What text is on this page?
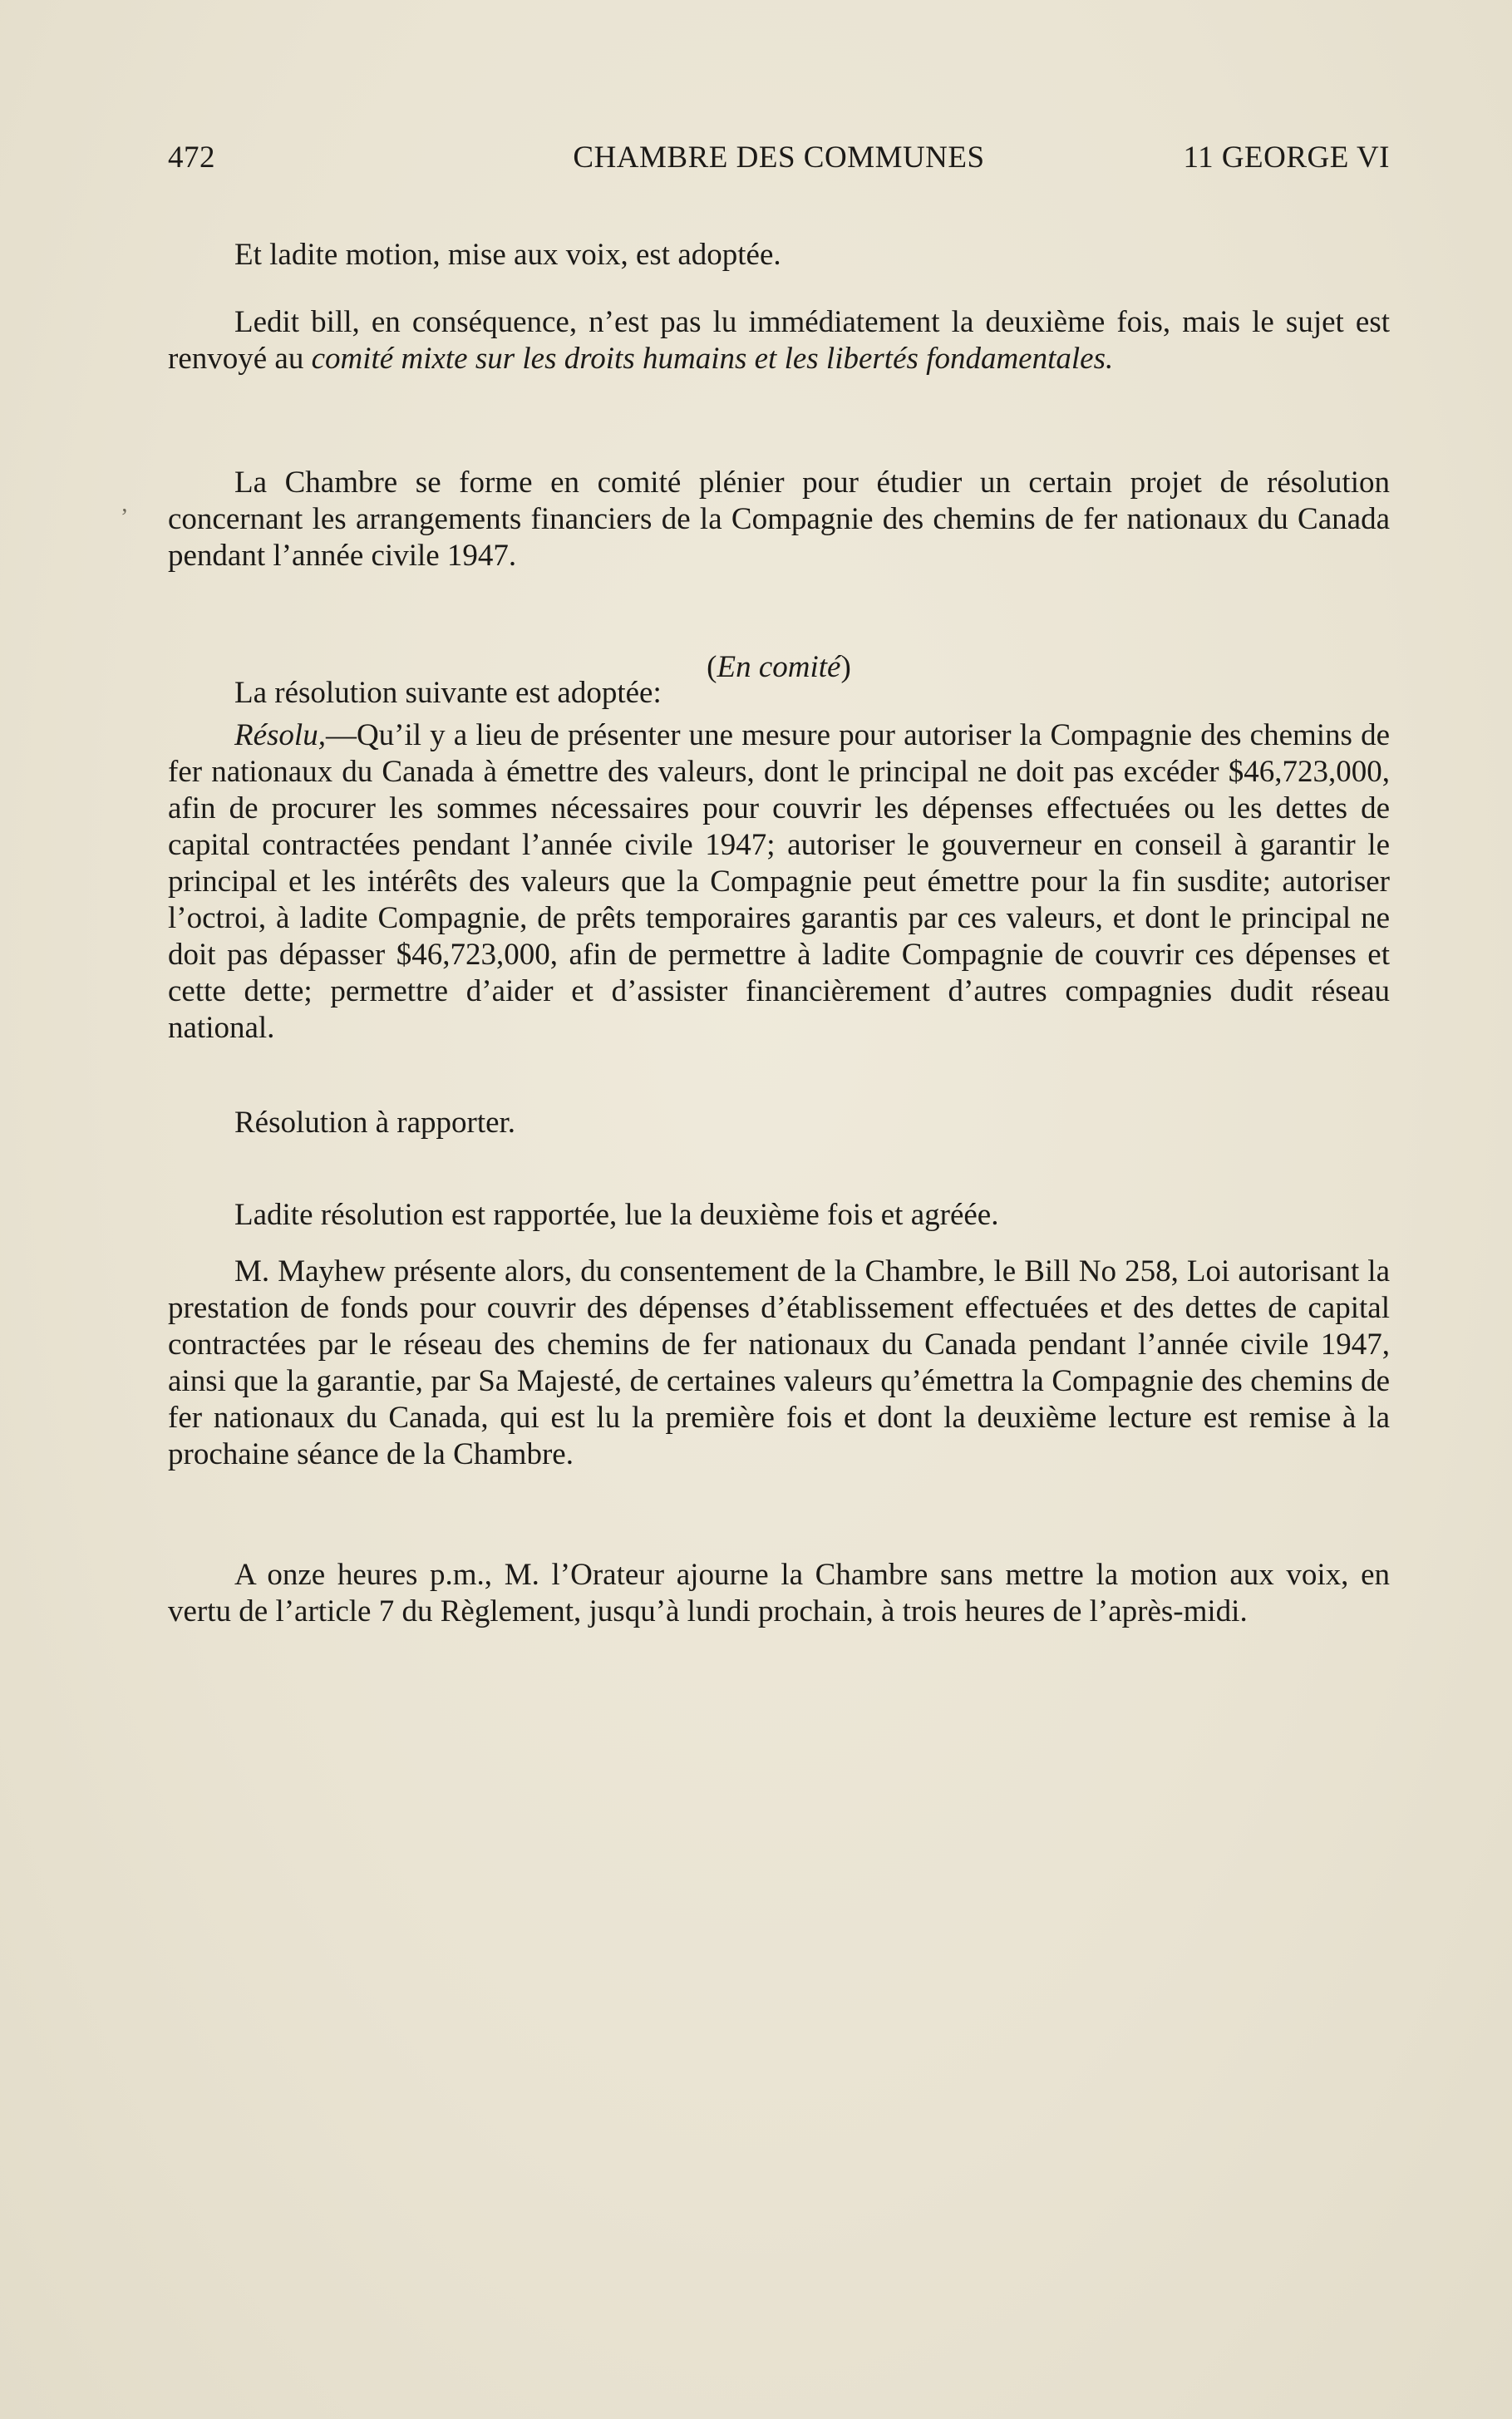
472	CHAMBRE DES COMMUNES	11 GEORGE VI
’

Et ladite motion, mise aux voix, est adoptée.

Ledit bill, en conséquence, n’est pas lu immédiatement la deuxième fois, mais le sujet est renvoyé au comité mixte sur les droits humains et les libertés fondamentales.

La Chambre se forme en comité plénier pour étudier un certain projet de résolution concernant les arrangements financiers de la Compagnie des chemins de fer nationaux du Canada pendant l’année civile 1947.

(En comité)

La résolution suivante est adoptée:

Résolu,—Qu’il y a lieu de présenter une mesure pour autoriser la Compagnie des chemins de fer nationaux du Canada à émettre des valeurs, dont le principal ne doit pas excéder $46,723,000, afin de procurer les sommes nécessaires pour couvrir les dépenses effectuées ou les dettes de capital contractées pendant l’année civile 1947; autoriser le gouverneur en conseil à garantir le principal et les intérêts des valeurs que la Compagnie peut émettre pour la fin susdite; autoriser l’octroi, à ladite Compagnie, de prêts temporaires garantis par ces valeurs, et dont le principal ne doit pas dépasser $46,723,000, afin de permettre à ladite Compagnie de couvrir ces dépenses et cette dette; permettre d’aider et d’assister financièrement d’autres compagnies dudit réseau national.

Résolution à rapporter.

Ladite résolution est rapportée, lue la deuxième fois et agréée.

M. Mayhew présente alors, du consentement de la Chambre, le Bill No 258, Loi autorisant la prestation de fonds pour couvrir des dépenses d’établissement effectuées et des dettes de capital contractées par le réseau des chemins de fer nationaux du Canada pendant l’année civile 1947, ainsi que la garantie, par Sa Majesté, de certaines valeurs qu’émettra la Compagnie des chemins de fer nationaux du Canada, qui est lu la première fois et dont la deuxième lecture est remise à la prochaine séance de la Chambre.

A onze heures p.m., M. l’Orateur ajourne la Chambre sans mettre la motion aux voix, en vertu de l’article 7 du Règlement, jusqu’à lundi prochain, à trois heures de l’après-midi.
